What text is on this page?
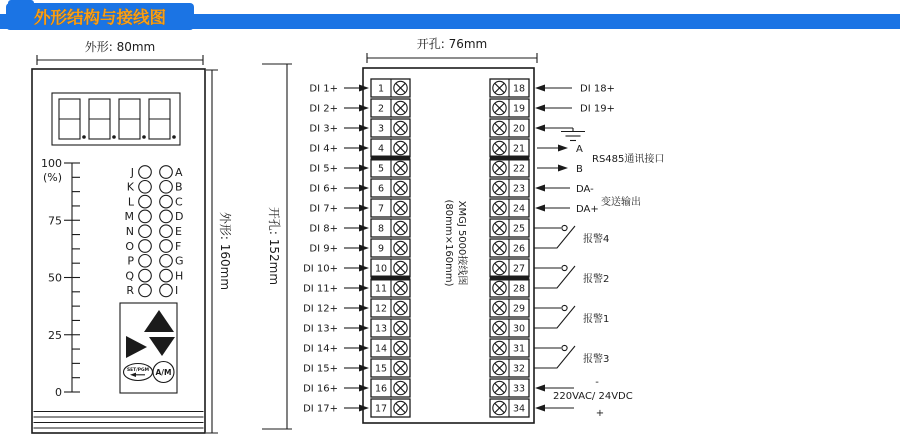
外形结构与接线图
外形: 80mm
100
75
50
25
0
(%)	J	A
K	B
L	C
M	D
N	E
O	F
P	G
Q	H
R	I
SET/PGM A/M
外形: 160mm
开孔: 76mm
开孔: 152mm
1
DI 1+
2
DI 2+
3
DI 3+
4
DI 4+
5
DI 5+
6
DI 6+
7
DI 7+
8
DI 8+
9
DI 9+
10
DI 10+
11
DI 11+
12
DI 12+
13
DI 13+
14
DI 14+
15
DI 15+
16
DI 16+
17
DI 17+
18
19
20
21
22
23
24
25
26
27
28
29
30
31
32
33
34
XMGJ 5000接线图
(80mm×160mm)	报警4
报警2
报警1
报警3
DI 18+
DI 19+
A
B
RS485通讯接口
DA-
DA+
变送输出
-
220VAC/ 24VDC
+
